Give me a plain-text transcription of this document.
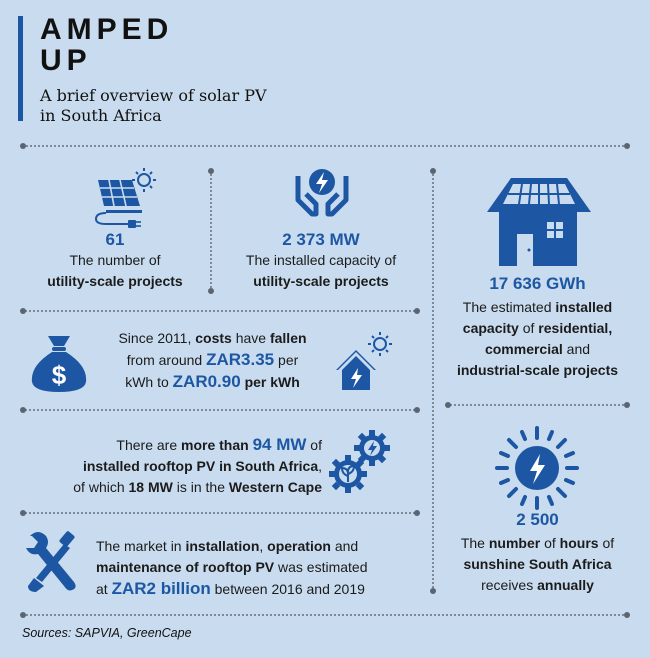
AMPED
UP
A brief overview of solar PV
in South Africa
61
The number of
utility-scale projects
2 373 MW
The installed capacity of
utility-scale projects	17 636 GWh
The estimated installed
capacity of residential,
commercial and
industrial-scale projects
$
Since 2011, costs have fallen
from around ZAR3.35 per
kWh to ZAR0.90 per kWh
There are more than 94 MW of
installed rooftop PV in South Africa,
of which 18 MW is in the Western Cape
The market in installation, operation and
maintenance of rooftop PV was estimated
at ZAR2 billion between 2016 and 2019
2 500
The number of hours of
sunshine South Africa
receives annually
Sources: SAPVIA, GreenCape
